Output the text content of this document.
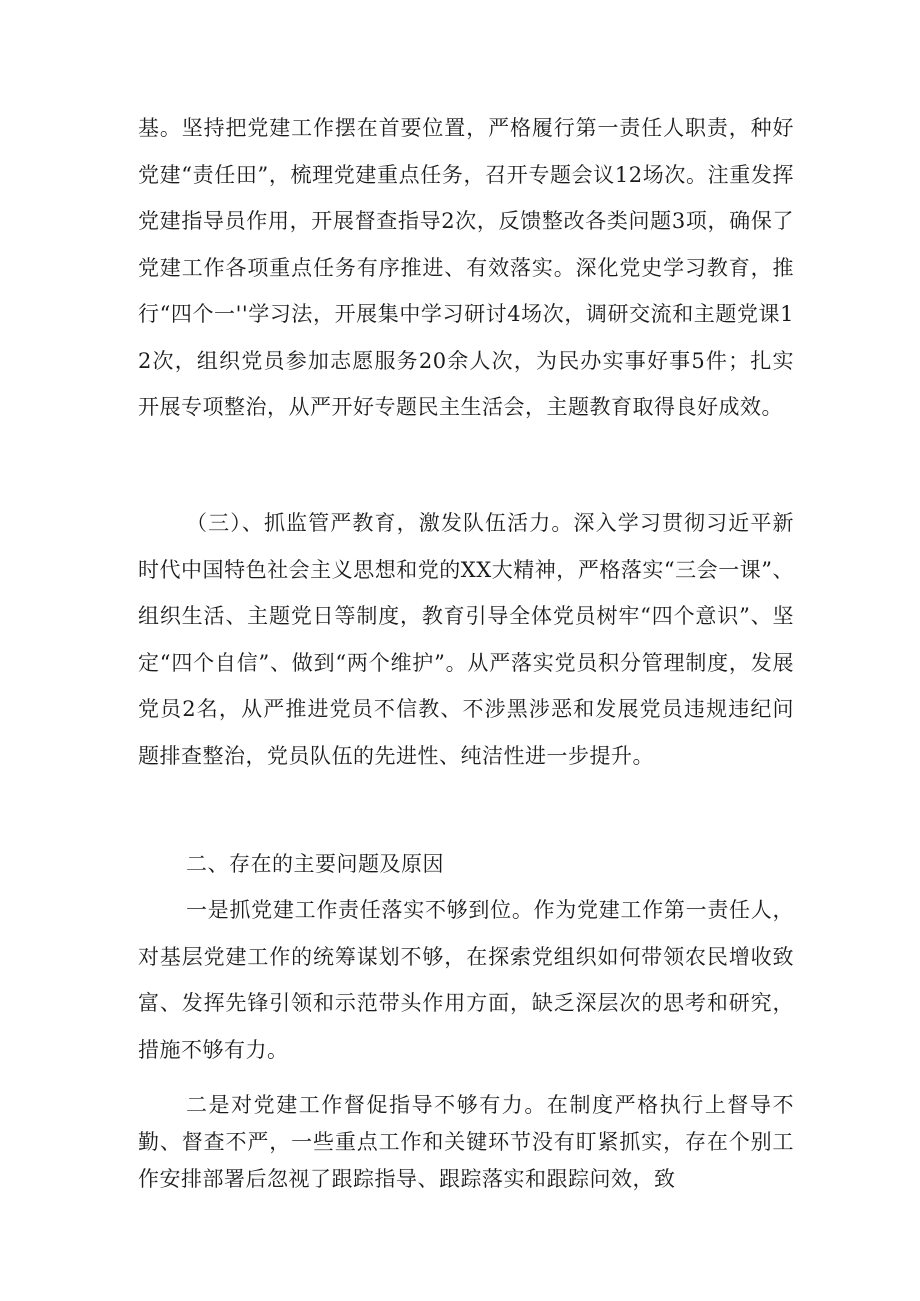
基。坚持把党建工作摆在首要位置，严格履行第一责任人职责，种好党建“责任田”，梳理党建重点任务，召开专题会议12场次。注重发挥党建指导员作用，开展督查指导2次，反馈整改各类问题3项，确保了党建工作各项重点任务有序推进、有效落实。深化党史学习教育，推行“四个一''学习法，开展集中学习研讨4场次，调研交流和主题党课12次，组织党员参加志愿服务20余人次，为民办实事好事5件；扎实开展专项整治，从严开好专题民主生活会，主题教育取得良好成效。

（三）、抓监管严教育，激发队伍活力。深入学习贯彻习近平新时代中国特色社会主义思想和党的XX大精神，严格落实“三会一课”、组织生活、主题党日等制度，教育引导全体党员树牢“四个意识”、坚定“四个自信”、做到“两个维护”。从严落实党员积分管理制度，发展党员2名，从严推进党员不信教、不涉黑涉恶和发展党员违规违纪问题排查整治，党员队伍的先进性、纯洁性进一步提升。

二、存在的主要问题及原因

一是抓党建工作责任落实不够到位。作为党建工作第一责任人，对基层党建工作的统筹谋划不够，在探索党组织如何带领农民增收致富、发挥先锋引领和示范带头作用方面，缺乏深层次的思考和研究，措施不够有力。

二是对党建工作督促指导不够有力。在制度严格执行上督导不勤、督查不严，一些重点工作和关键环节没有盯紧抓实，存在个别工作安排部署后忽视了跟踪指导、跟踪落实和跟踪问效，致
